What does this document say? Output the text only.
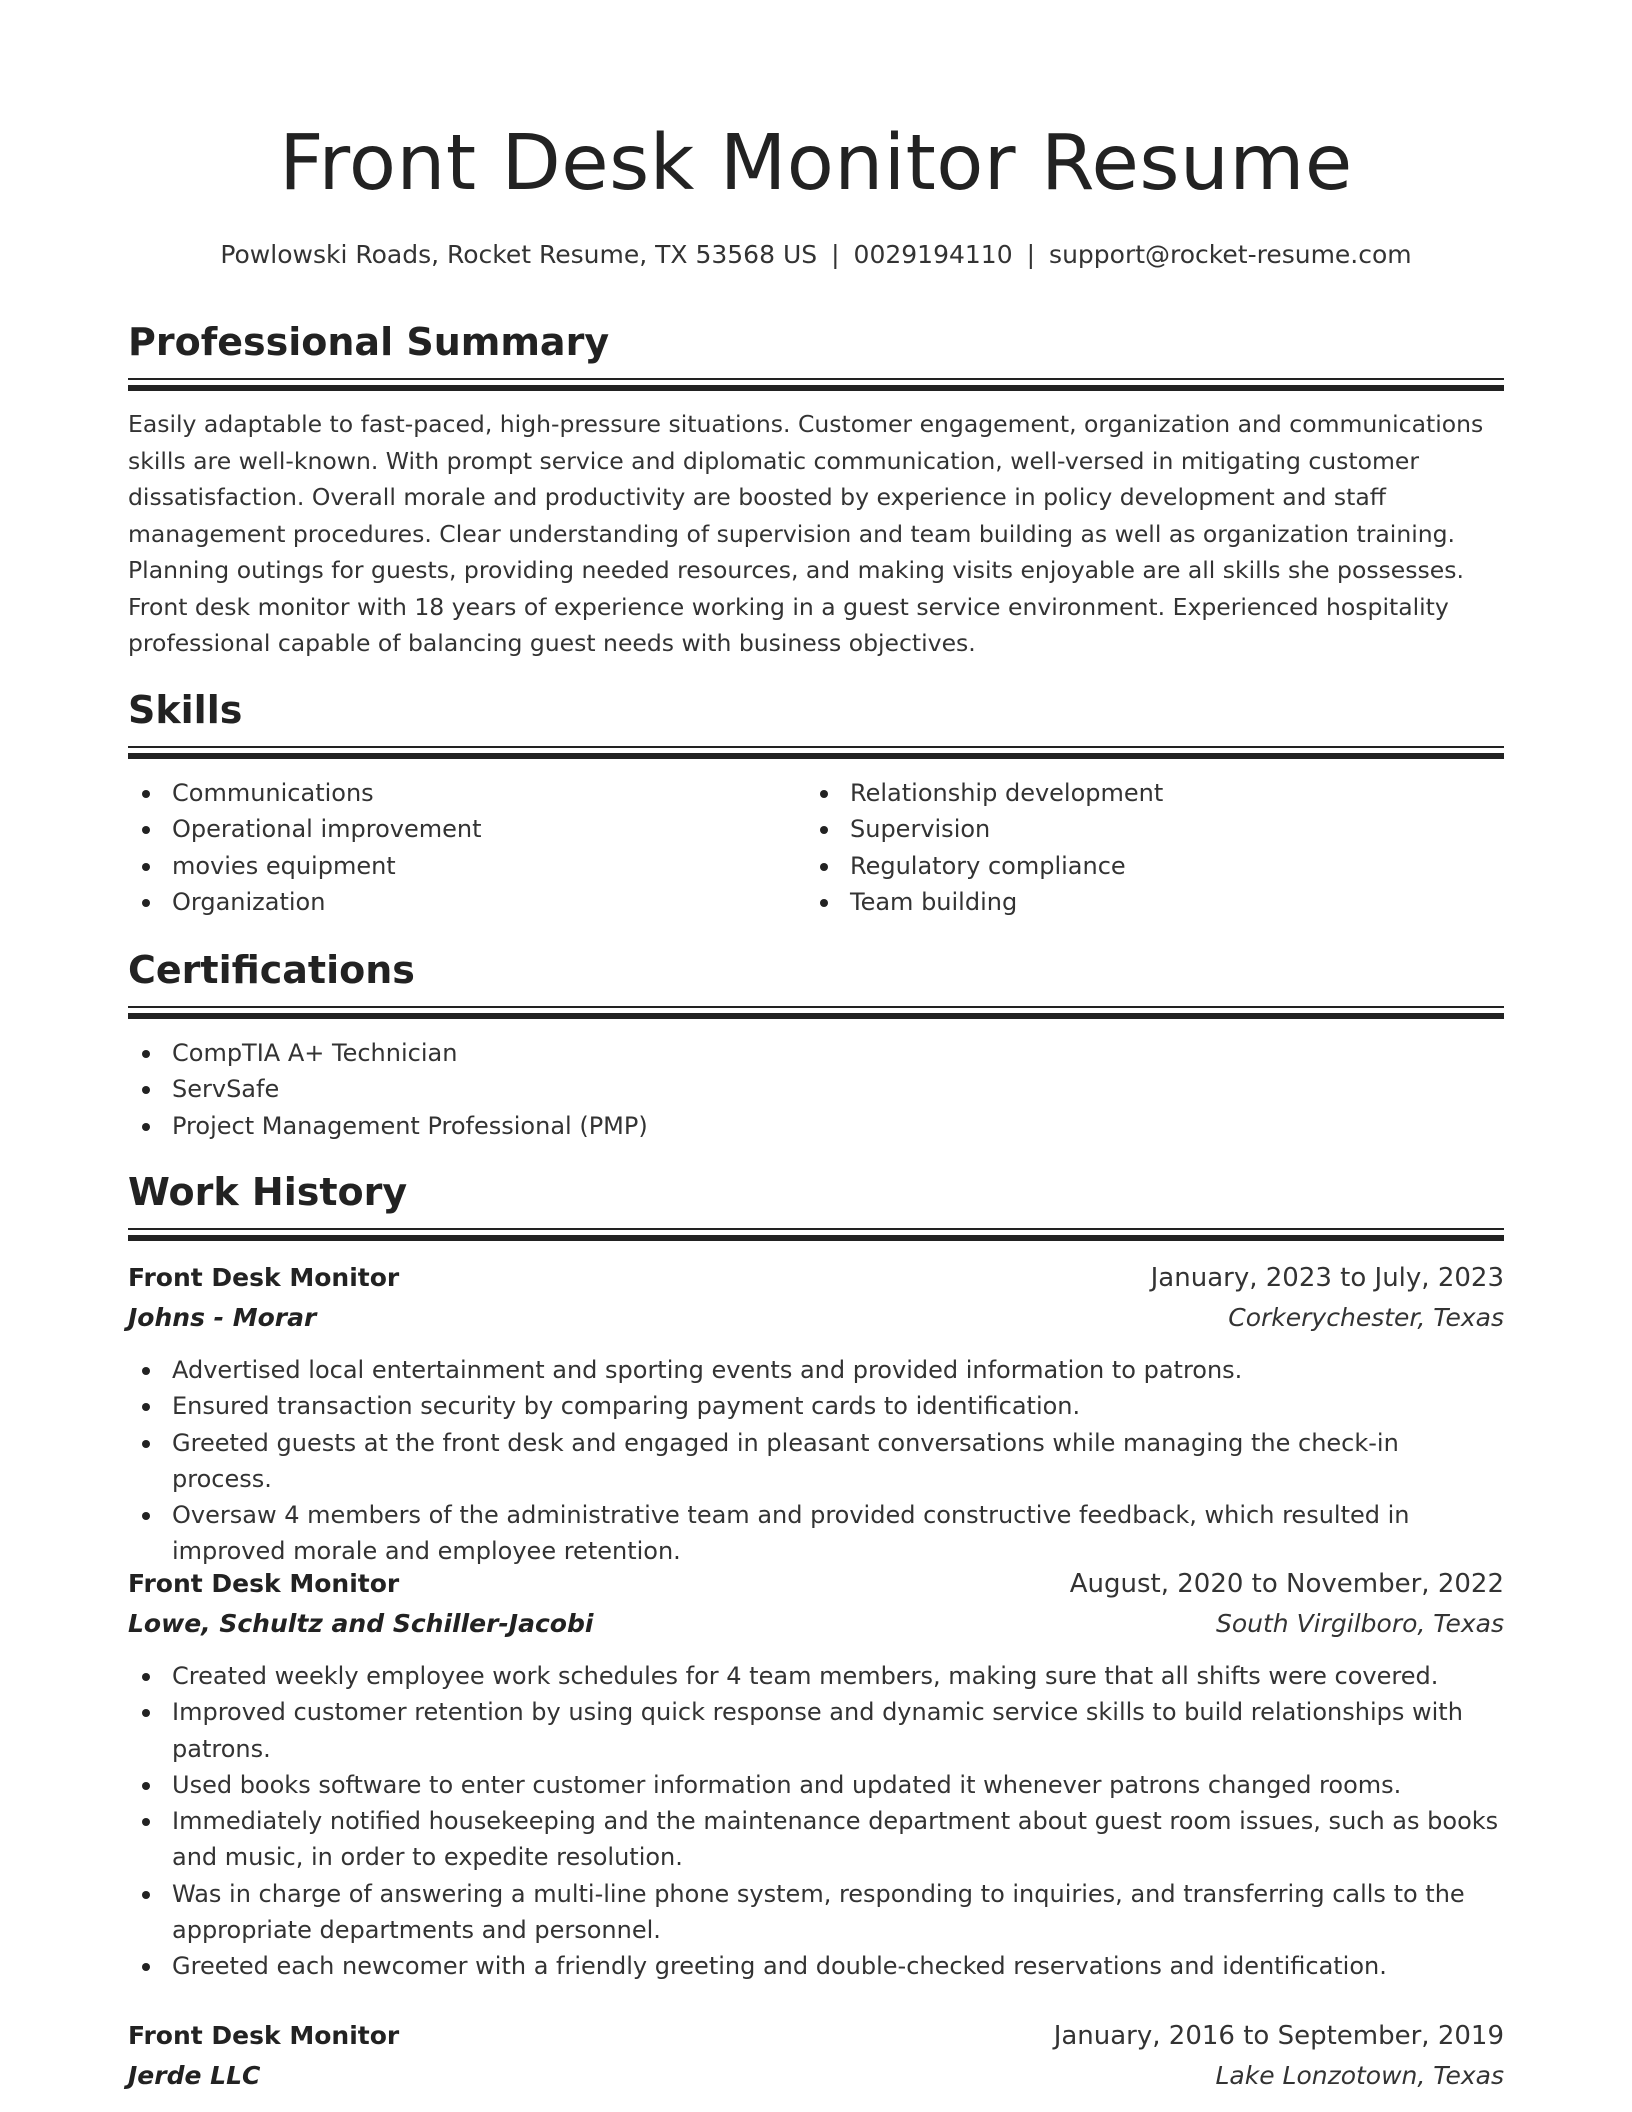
Front Desk Monitor Resume
Powlowski Roads, Rocket Resume, TX 53568 US | 0029194110 | support@rocket-resume.com
Professional Summary

Easily adaptable to fast-paced, high-pressure situations. Customer engagement, organization and communications skills are well-known. With prompt service and diplomatic communication, well-versed in mitigating customer dissatisfaction. Overall morale and productivity are boosted by experience in policy development and staff management procedures. Clear understanding of supervision and team building as well as organization training. Planning outings for guests, providing needed resources, and making visits enjoyable are all skills she possesses. Front desk monitor with 18 years of experience working in a guest service environment. Experienced hospitality professional capable of balancing guest needs with business objectives.

Skills
Communications
Operational improvement
movies equipment
Organization
Relationship development
Supervision
Regulatory compliance
Team building
Certifications
CompTIA A+ Technician
ServSafe
Project Management Professional (PMP)
Work History
Front Desk Monitor	January, 2023 to July, 2023
Johns - Morar	Corkerychester, Texas
Advertised local entertainment and sporting events and provided information to patrons.
Ensured transaction security by comparing payment cards to identification.
Greeted guests at the front desk and engaged in pleasant conversations while managing the check-in process.
Oversaw 4 members of the administrative team and provided constructive feedback, which resulted in improved morale and employee retention.
Front Desk Monitor	August, 2020 to November, 2022
Lowe, Schultz and Schiller-Jacobi	South Virgilboro, Texas
Created weekly employee work schedules for 4 team members, making sure that all shifts were covered.
Improved customer retention by using quick response and dynamic service skills to build relationships with patrons.
Used books software to enter customer information and updated it whenever patrons changed rooms.
Immediately notified housekeeping and the maintenance department about guest room issues, such as books and music, in order to expedite resolution.
Was in charge of answering a multi-line phone system, responding to inquiries, and transferring calls to the appropriate departments and personnel.
Greeted each newcomer with a friendly greeting and double-checked reservations and identification.
Front Desk Monitor	January, 2016 to September, 2019
Jerde LLC	Lake Lonzotown, Texas
